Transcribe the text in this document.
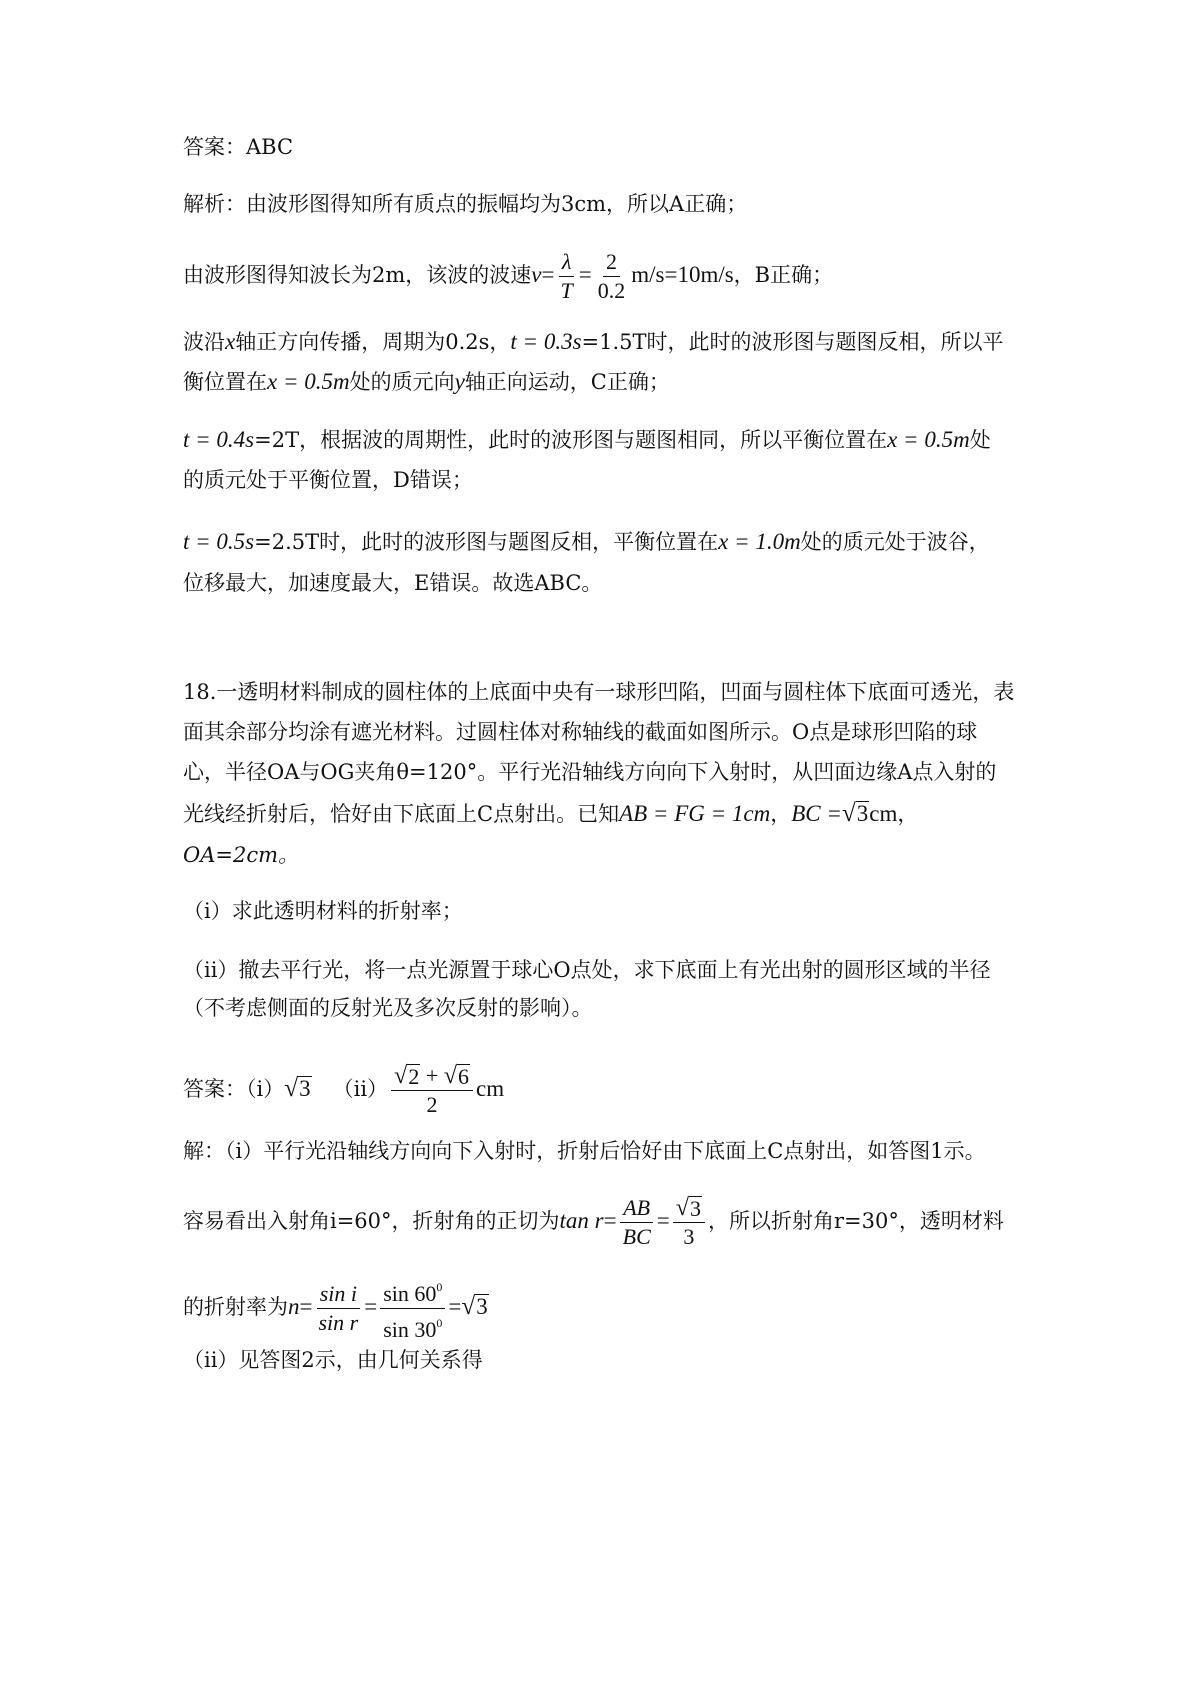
答案：ABC
解析：由波形图得知所有质点的振幅均为3cm，所以A正确；
由波形图得知波长为2m，该波的波速$v= \frac{\lambda}{T} = \frac{2}{0.2} m/s=10m/s$，B正确；
波沿x轴正方向传播，周期为0.2s，t = 0.3s=1.5T时，此时的波形图与题图反相，所以平
衡位置在x = 0.5m处的质元向y轴正向运动，C正确；
t = 0.4s=2T，根据波的周期性，此时的波形图与题图相同，所以平衡位置在x = 0.5m处
的质元处于平衡位置，D错误；
t = 0.5s=2.5T时，此时的波形图与题图反相，平衡位置在x = 1.0m处的质元处于波谷，
位移最大，加速度最大，E错误。故选ABC。
18.一透明材料制成的圆柱体的上底面中央有一球形凹陷，凹面与圆柱体下底面可透光，表
面其余部分均涂有遮光材料。过圆柱体对称轴线的截面如图所示。O点是球形凹陷的球
心，半径OA与OG夹角θ=120°。平行光沿轴线方向向下入射时，从凹面边缘A点入射的
光线经折射后，恰好由下底面上C点射出。已知AB = FG = 1cm，BC = √ 3 cm，
OA=2cm。
（i）求此透明材料的折射率；
（ii）撤去平行光，将一点光源置于球心O点处，求下底面上有光出射的圆形区域的半径
（不考虑侧面的反射光及多次反射的影响）。
答案：（i） √ 3
  $(ii) \frac{√ 2 + √ 6}{2}$ cm
解：（i）平行光沿轴线方向向下入射时，折射后恰好由下底面上C点射出，如答图1示。
容易看出入射角i=60°，折射角的正切为$\tan r= \frac{AB}{BC} = \frac{√ 3}{3}$ ，所以折射角r=30°，透明材料
的折射率为$n= \frac{\text{sin i}}{\text{sin r}} = \frac{\sin 60^0}{\sin 30^0}$ = √ 3
（ii）见答图2示，由几何关系得
